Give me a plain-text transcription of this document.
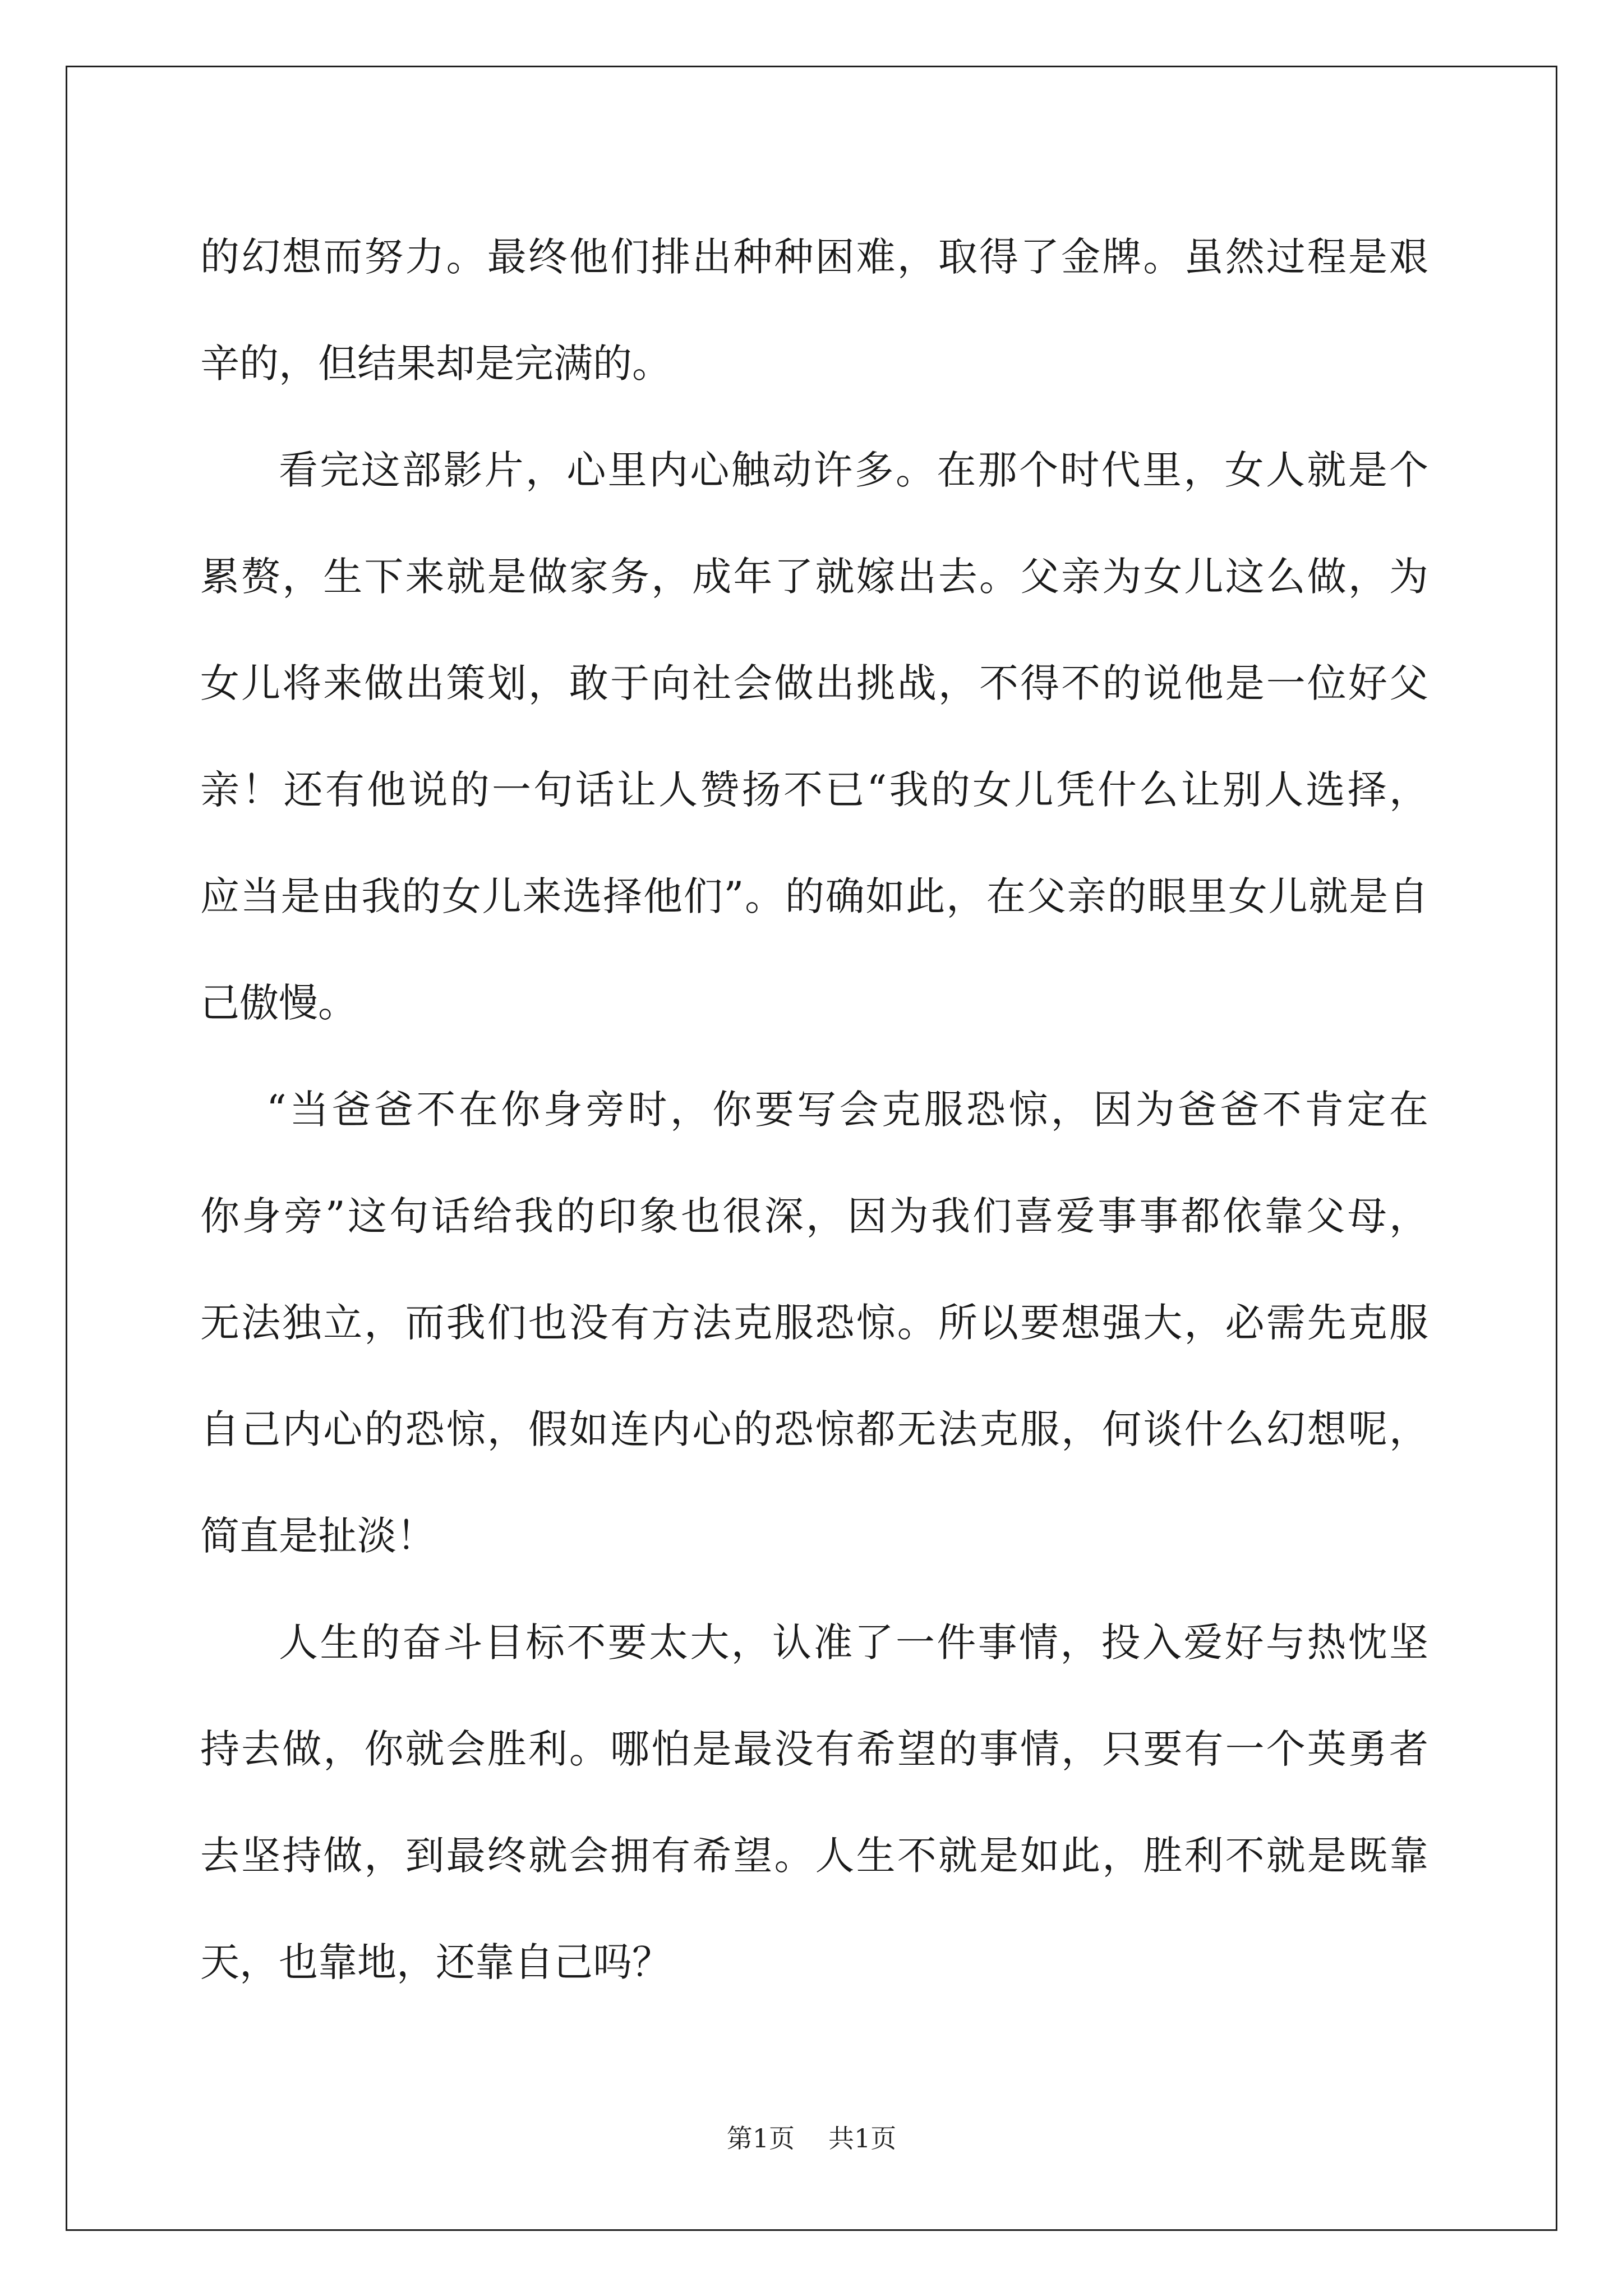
的幻想而努力。最终他们排出种种困难，取得了金牌。虽然过程是艰
辛的，但结果却是完满的。
看完这部影片，心里内心触动许多。在那个时代里，女人就是个
累赘，生下来就是做家务，成年了就嫁出去。父亲为女儿这么做，为
女儿将来做出策划，敢于向社会做出挑战，不得不的说他是一位好父
亲！还有他说的一句话让人赞扬不已“我的女儿凭什么让别人选择，
应当是由我的女儿来选择他们”。的确如此，在父亲的眼里女儿就是自
己傲慢。
“当爸爸不在你身旁时，你要写会克服恐惊，因为爸爸不肯定在
你身旁”这句话给我的印象也很深，因为我们喜爱事事都依靠父母，
无法独立，而我们也没有方法克服恐惊。所以要想强大，必需先克服
自己内心的恐惊，假如连内心的恐惊都无法克服，何谈什么幻想呢，
简直是扯淡！
人生的奋斗目标不要太大，认准了一件事情，投入爱好与热忱坚
持去做，你就会胜利。哪怕是最没有希望的事情，只要有一个英勇者
去坚持做，到最终就会拥有希望。人生不就是如此，胜利不就是既靠
天，也靠地，还靠自己吗？
第1页 共1页
